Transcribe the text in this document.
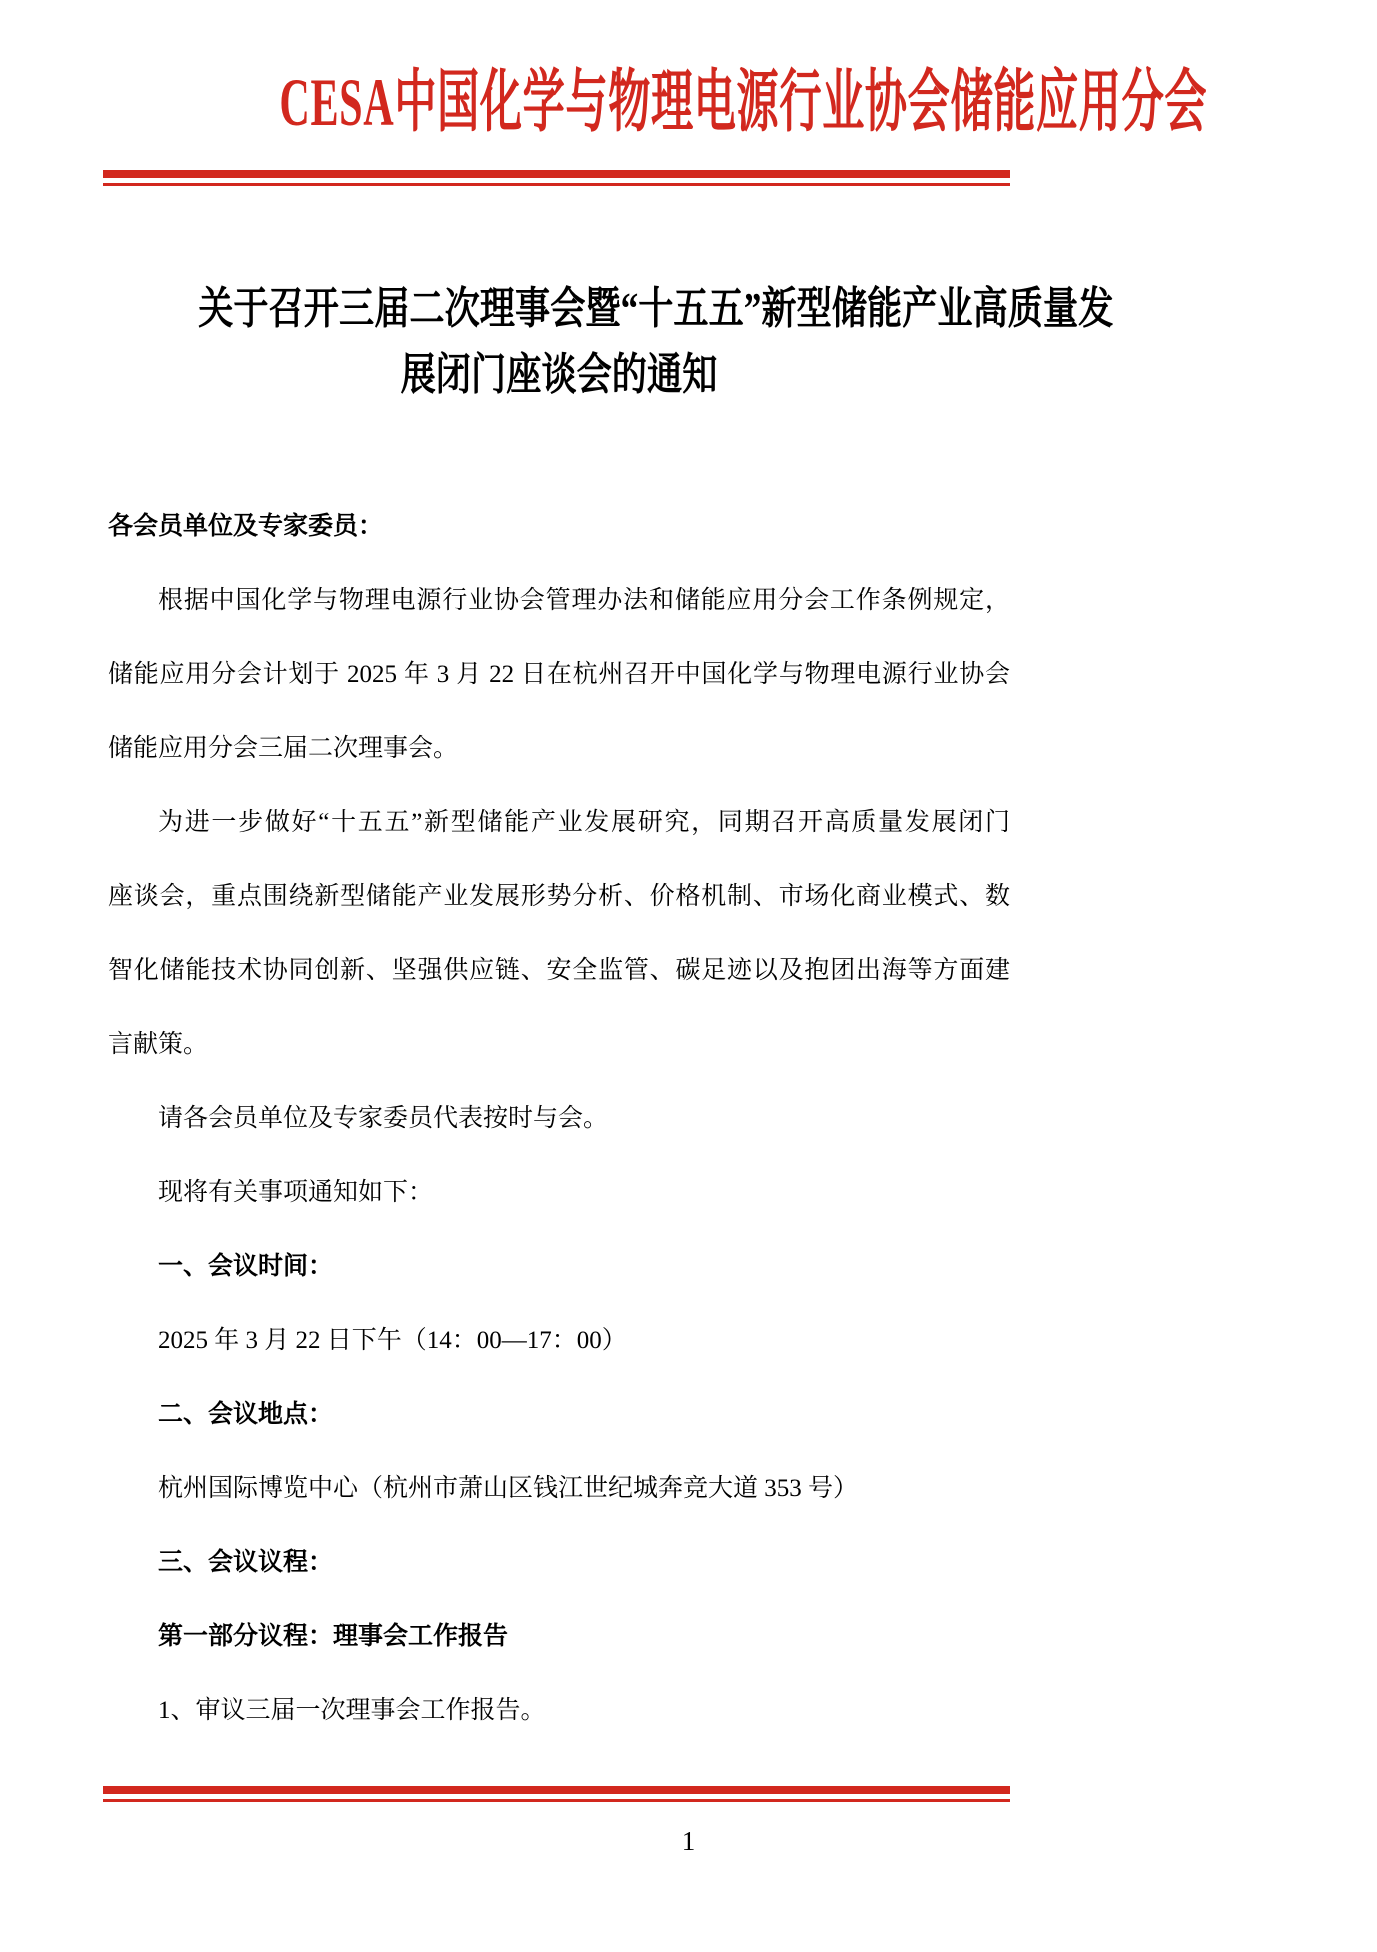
CESA中国化学与物理电源行业协会储能应用分会
关于召开三届二次理事会暨“十五五”新型储能产业高质量发
展闭门座谈会的通知
各会员单位及专家委员：
根据中国化学与物理电源行业协会管理办法和储能应用分会工作条例规定，
储能应用分会计划于 2025 年 3 月 22 日在杭州召开中国化学与物理电源行业协会
储能应用分会三届二次理事会。
为进一步做好“十五五”新型储能产业发展研究，同期召开高质量发展闭门
座谈会，重点围绕新型储能产业发展形势分析、价格机制、市场化商业模式、数
智化储能技术协同创新、坚强供应链、安全监管、碳足迹以及抱团出海等方面建
言献策。
请各会员单位及专家委员代表按时与会。
现将有关事项通知如下：
一、会议时间：
2025 年 3 月 22 日下午（14：00—17：00）
二、会议地点：
杭州国际博览中心（杭州市萧山区钱江世纪城奔竞大道 353 号）
三、会议议程：
第一部分议程：理事会工作报告
1、审议三届一次理事会工作报告。
1
